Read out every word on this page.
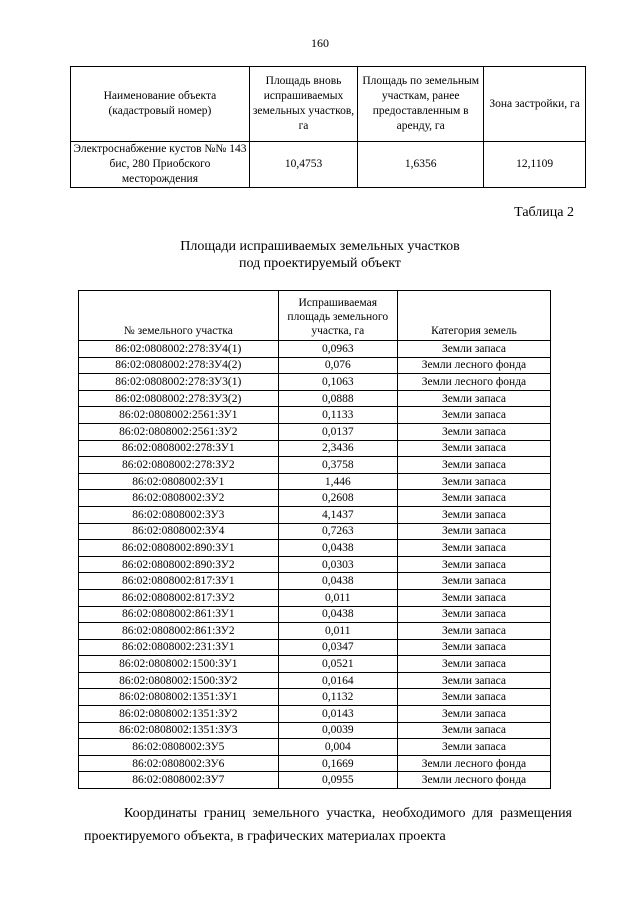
160
Наименование объекта (кадастровый номер)	Площадь вновь испрашиваемых земельных участков, га	Площадь по земельным участкам, ранее предоставленным в аренду, га	Зона застройки, га
Электроснабжение кустов №№ 143 бис, 280 Приобского месторождения	10,4753	1,6356	12,1109
Таблица 2
Площади испрашиваемых земельных участков
под проектируемый объект
№ земельного участка	Испрашиваемая площадь земельного участка, га	Категория земель
86:02:0808002:278:ЗУ4(1)	0,0963	Земли запаса
86:02:0808002:278:ЗУ4(2)	0,076	Земли лесного фонда
86:02:0808002:278:ЗУ3(1)	0,1063	Земли лесного фонда
86:02:0808002:278:ЗУ3(2)	0,0888	Земли запаса
86:02:0808002:2561:ЗУ1	0,1133	Земли запаса
86:02:0808002:2561:ЗУ2	0,0137	Земли запаса
86:02:0808002:278:ЗУ1	2,3436	Земли запаса
86:02:0808002:278:ЗУ2	0,3758	Земли запаса
86:02:0808002:ЗУ1	1,446	Земли запаса
86:02:0808002:ЗУ2	0,2608	Земли запаса
86:02:0808002:ЗУ3	4,1437	Земли запаса
86:02:0808002:ЗУ4	0,7263	Земли запаса
86:02:0808002:890:ЗУ1	0,0438	Земли запаса
86:02:0808002:890:ЗУ2	0,0303	Земли запаса
86:02:0808002:817:ЗУ1	0,0438	Земли запаса
86:02:0808002:817:ЗУ2	0,011	Земли запаса
86:02:0808002:861:ЗУ1	0,0438	Земли запаса
86:02:0808002:861:ЗУ2	0,011	Земли запаса
86:02:0808002:231:ЗУ1	0,0347	Земли запаса
86:02:0808002:1500:ЗУ1	0,0521	Земли запаса
86:02:0808002:1500:ЗУ2	0,0164	Земли запаса
86:02:0808002:1351:ЗУ1	0,1132	Земли запаса
86:02:0808002:1351:ЗУ2	0,0143	Земли запаса
86:02:0808002:1351:ЗУ3	0,0039	Земли запаса
86:02:0808002:ЗУ5	0,004	Земли запаса
86:02:0808002:ЗУ6	0,1669	Земли лесного фонда
86:02:0808002:ЗУ7	0,0955	Земли лесного фонда
Координаты границ земельного участка, необходимого для размещения проектируемого объекта, в графических материалах проекта
